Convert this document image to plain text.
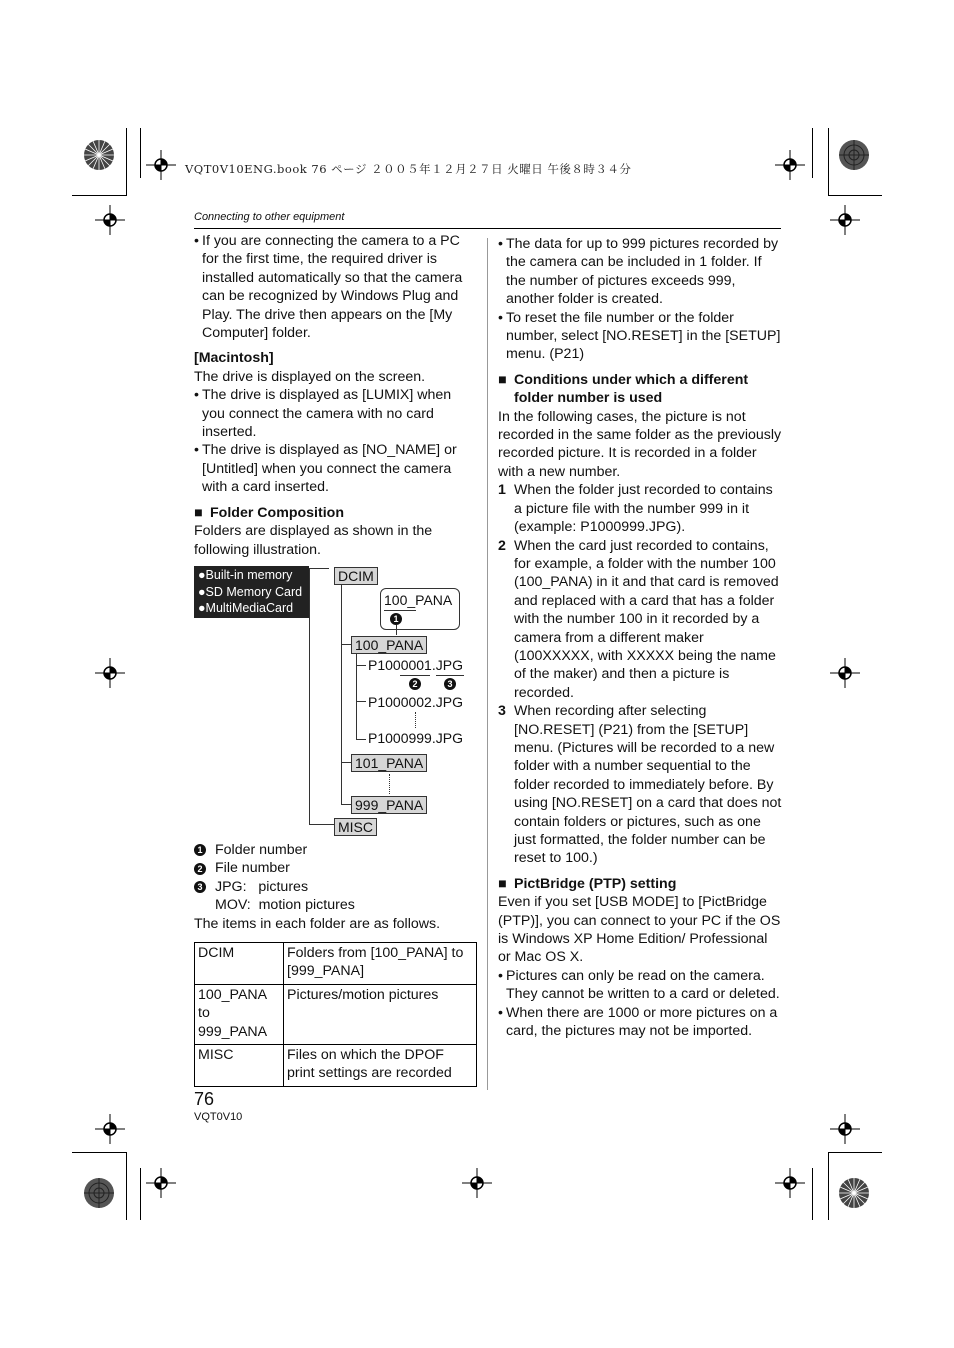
VQT0V10ENG.book 76 ページ ２００５年１２月２７日 火曜日 午後８時３４分
Connecting to other equipment
• If you are connecting the camera to a PC for the first time, the required driver is installed automatically so that the camera can be recognized by Windows Plug and Play. The drive then appears on the [My Computer] folder.

[Macintosh]

The drive is displayed on the screen.

• The drive is displayed as [LUMIX] when you connect the camera with no card inserted.
• The drive is displayed as [NO_NAME] or [Untitled] when you connect the camera with a card inserted.
■ Folder Composition

Folders are displayed as shown in the following illustration.

●Built-in memory
●SD Memory Card
●MultiMediaCard
DCIM
MISC
100_PANA
1
100_PANA
P1000001.JPG
2	3
P1000002.JPG
P1000999.JPG
101_PANA
999_PANA
1 Folder number
2 File number
3 JPG:   pictures
MOV:  motion pictures
The items in each folder are as follows.
DCIM	Folders from [100_PANA] to [999_PANA]
100_PANA to 999_PANA	Pictures/motion pictures
MISC	Files on which the DPOF print settings are recorded
• The data for up to 999 pictures recorded by the camera can be included in 1 folder. If the number of pictures exceeds 999, another folder is created.
• To reset the file number or the folder number, select [NO.RESET] in the [SETUP] menu. (P21)
■ Conditions under which a different folder number is used

In the following cases, the picture is not recorded in the same folder as the previously recorded picture. It is recorded in a folder with a new number.

1 When the folder just recorded to contains a picture file with the number 999 in it (example: P1000999.JPG).
2 When the card just recorded to contains, for example, a folder with the number 100 (100_PANA) in it and that card is removed and replaced with a card that has a folder with the number 100 in it recorded by a camera from a different maker (100XXXXX, with XXXXX being the name of the maker) and then a picture is recorded.
3 When recording after selecting [NO.RESET] (P21) from the [SETUP] menu. (Pictures will be recorded to a new folder with a number sequential to the folder recorded to immediately before. By using [NO.RESET] on a card that does not contain folders or pictures, such as one just formatted, the folder number can be reset to 100.)
■ PictBridge (PTP) setting

Even if you set [USB MODE] to [PictBridge (PTP)], you can connect to your PC if the OS is Windows XP Home Edition/ Professional or Mac OS X.

• Pictures can only be read on the camera. They cannot be written to a card or deleted.
• When there are 1000 or more pictures on a card, the pictures may not be imported.
76
VQT0V10
